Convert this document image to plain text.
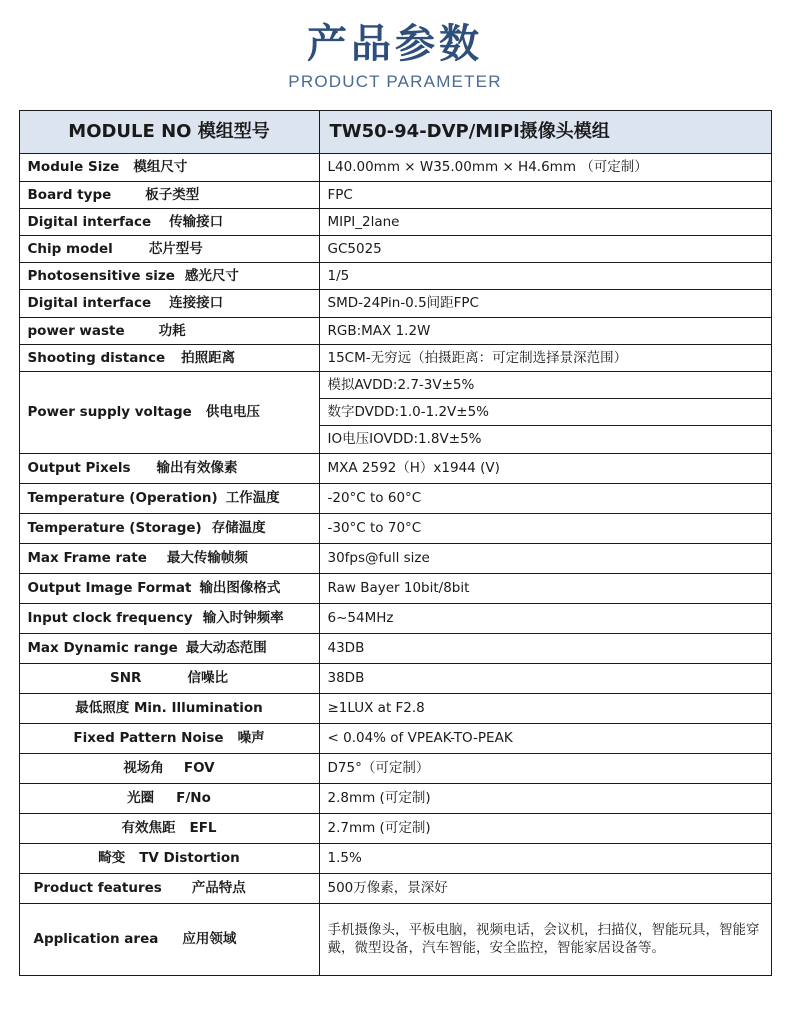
产品参数
PRODUCT PARAMETER
MODULE NO 模组型号	TW50-94-DVP/MIPI摄像头模组
Module Size 模组尺寸	L40.00mm × W35.00mm × H4.6mm （可定制）
Board type 板子类型	FPC
Digital interface 传输接口	MIPI_2lane
Chip model 芯片型号	GC5025
Photosensitive size 感光尺寸	1/5
Digital interface 连接接口	SMD-24Pin-0.5间距FPC
power waste 功耗	RGB:MAX 1.2W
Shooting distance 拍照距离	15CM-无穷远（拍摄距离：可定制选择景深范围）
Power supply voltage 供电电压	模拟AVDD:2.7-3V±5%
	数字DVDD:1.0-1.2V±5%
	IO电压IOVDD:1.8V±5%
Output Pixels 输出有效像素	MXA 2592（H）x1944 (V)
Temperature (Operation) 工作温度	-20°C to 60°C
Temperature (Storage) 存储温度	-30°C to 70°C
Max Frame rate 最大传输帧频	30fps@full size
Output Image Format 输出图像格式	Raw Bayer 10bit/8bit
Input clock frequency 输入时钟频率	6~54MHz
Max Dynamic range 最大动态范围	43DB
SNR 信噪比	38DB
最低照度 Min. Illumination	≥1LUX at F2.8
Fixed Pattern Noise 噪声	< 0.04% of VPEAK-TO-PEAK
视场角 FOV	D75°（可定制）
光圈 F/No	2.8mm (可定制)
有效焦距 EFL	2.7mm (可定制)
畸变 TV Distortion	1.5%
Product features 产品特点	500万像素，景深好
Application area 应用领域	手机摄像头，平板电脑，视频电话，会议机，扫描仪，智能玩具，智能穿戴，微型设备，汽车智能，安全监控，智能家居设备等。
